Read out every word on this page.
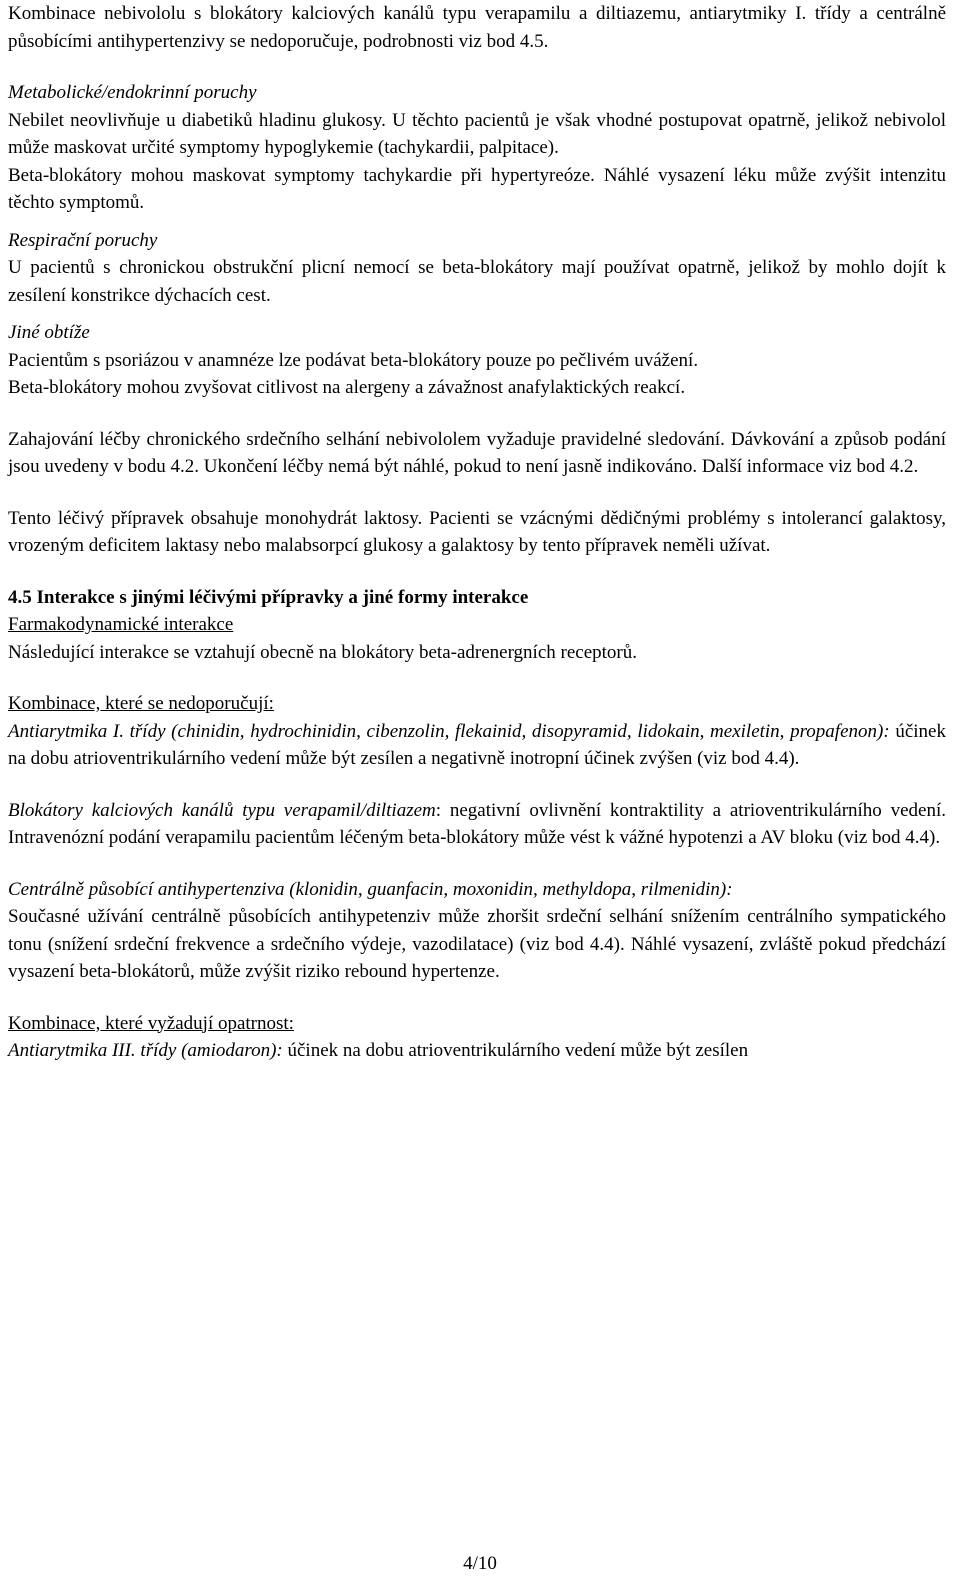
Kombinace nebivololu s blokátory kalciových kanálů typu verapamilu a diltiazemu, antiarytmiky I. třídy a centrálně působícími antihypertenzivy se nedoporučuje, podrobnosti viz bod 4.5.

Metabolické/endokrinní poruchy

Nebilet neovlivňuje u diabetiků hladinu glukosy. U těchto pacientů je však vhodné postupovat opatrně, jelikož nebivolol může maskovat určité symptomy hypoglykemie (tachykardii, palpitace).

Beta-blokátory mohou maskovat symptomy tachykardie při hypertyreóze. Náhlé vysazení léku může zvýšit intenzitu těchto symptomů.

Respirační poruchy

U pacientů s chronickou obstrukční plicní nemocí se beta-blokátory mají používat opatrně, jelikož by mohlo dojít k zesílení konstrikce dýchacích cest.

Jiné obtíže

Pacientům s psoriázou v anamnéze lze podávat beta-blokátory pouze po pečlivém uvážení.

Beta-blokátory mohou zvyšovat citlivost na alergeny a závažnost anafylaktických reakcí.

Zahajování léčby chronického srdečního selhání nebivololem vyžaduje pravidelné sledování. Dávkování a způsob podání jsou uvedeny v bodu 4.2. Ukončení léčby nemá být náhlé, pokud to není jasně indikováno. Další informace viz bod 4.2.

Tento léčivý přípravek obsahuje monohydrát laktosy. Pacienti se vzácnými dědičnými problémy s intolerancí galaktosy, vrozeným deficitem laktasy nebo malabsorpcí glukosy a galaktosy by tento přípravek neměli užívat.

4.5 Interakce s jinými léčivými přípravky a jiné formy interakce
Farmakodynamické interakce

Následující interakce se vztahují obecně na blokátory beta-adrenergních receptorů.

Kombinace, které se nedoporučují:

Antiarytmika I. třídy (chinidin, hydrochinidin, cibenzolin, flekainid, disopyramid, lidokain, mexiletin, propafenon): účinek na dobu atrioventrikulárního vedení může být zesílen a negativně inotropní účinek zvýšen (viz bod 4.4).

Blokátory kalciových kanálů typu verapamil/diltiazem: negativní ovlivnění kontraktility a atrioventrikulárního vedení. Intravenózní podání verapamilu pacientům léčeným beta-blokátory může vést k vážné hypotenzi a AV bloku (viz bod 4.4).

Centrálně působící antihypertenziva (klonidin, guanfacin, moxonidin, methyldopa, rilmenidin):

Současné užívání centrálně působících antihypetenziv může zhoršit srdeční selhání snížením centrálního sympatického tonu (snížení srdeční frekvence a srdečního výdeje, vazodilatace) (viz bod 4.4). Náhlé vysazení, zvláště pokud předchází vysazení beta-blokátorů, může zvýšit riziko rebound hypertenze.

Kombinace, které vyžadují opatrnost:

Antiarytmika III. třídy (amiodaron): účinek na dobu atrioventrikulárního vedení může být zesílen

4/10
